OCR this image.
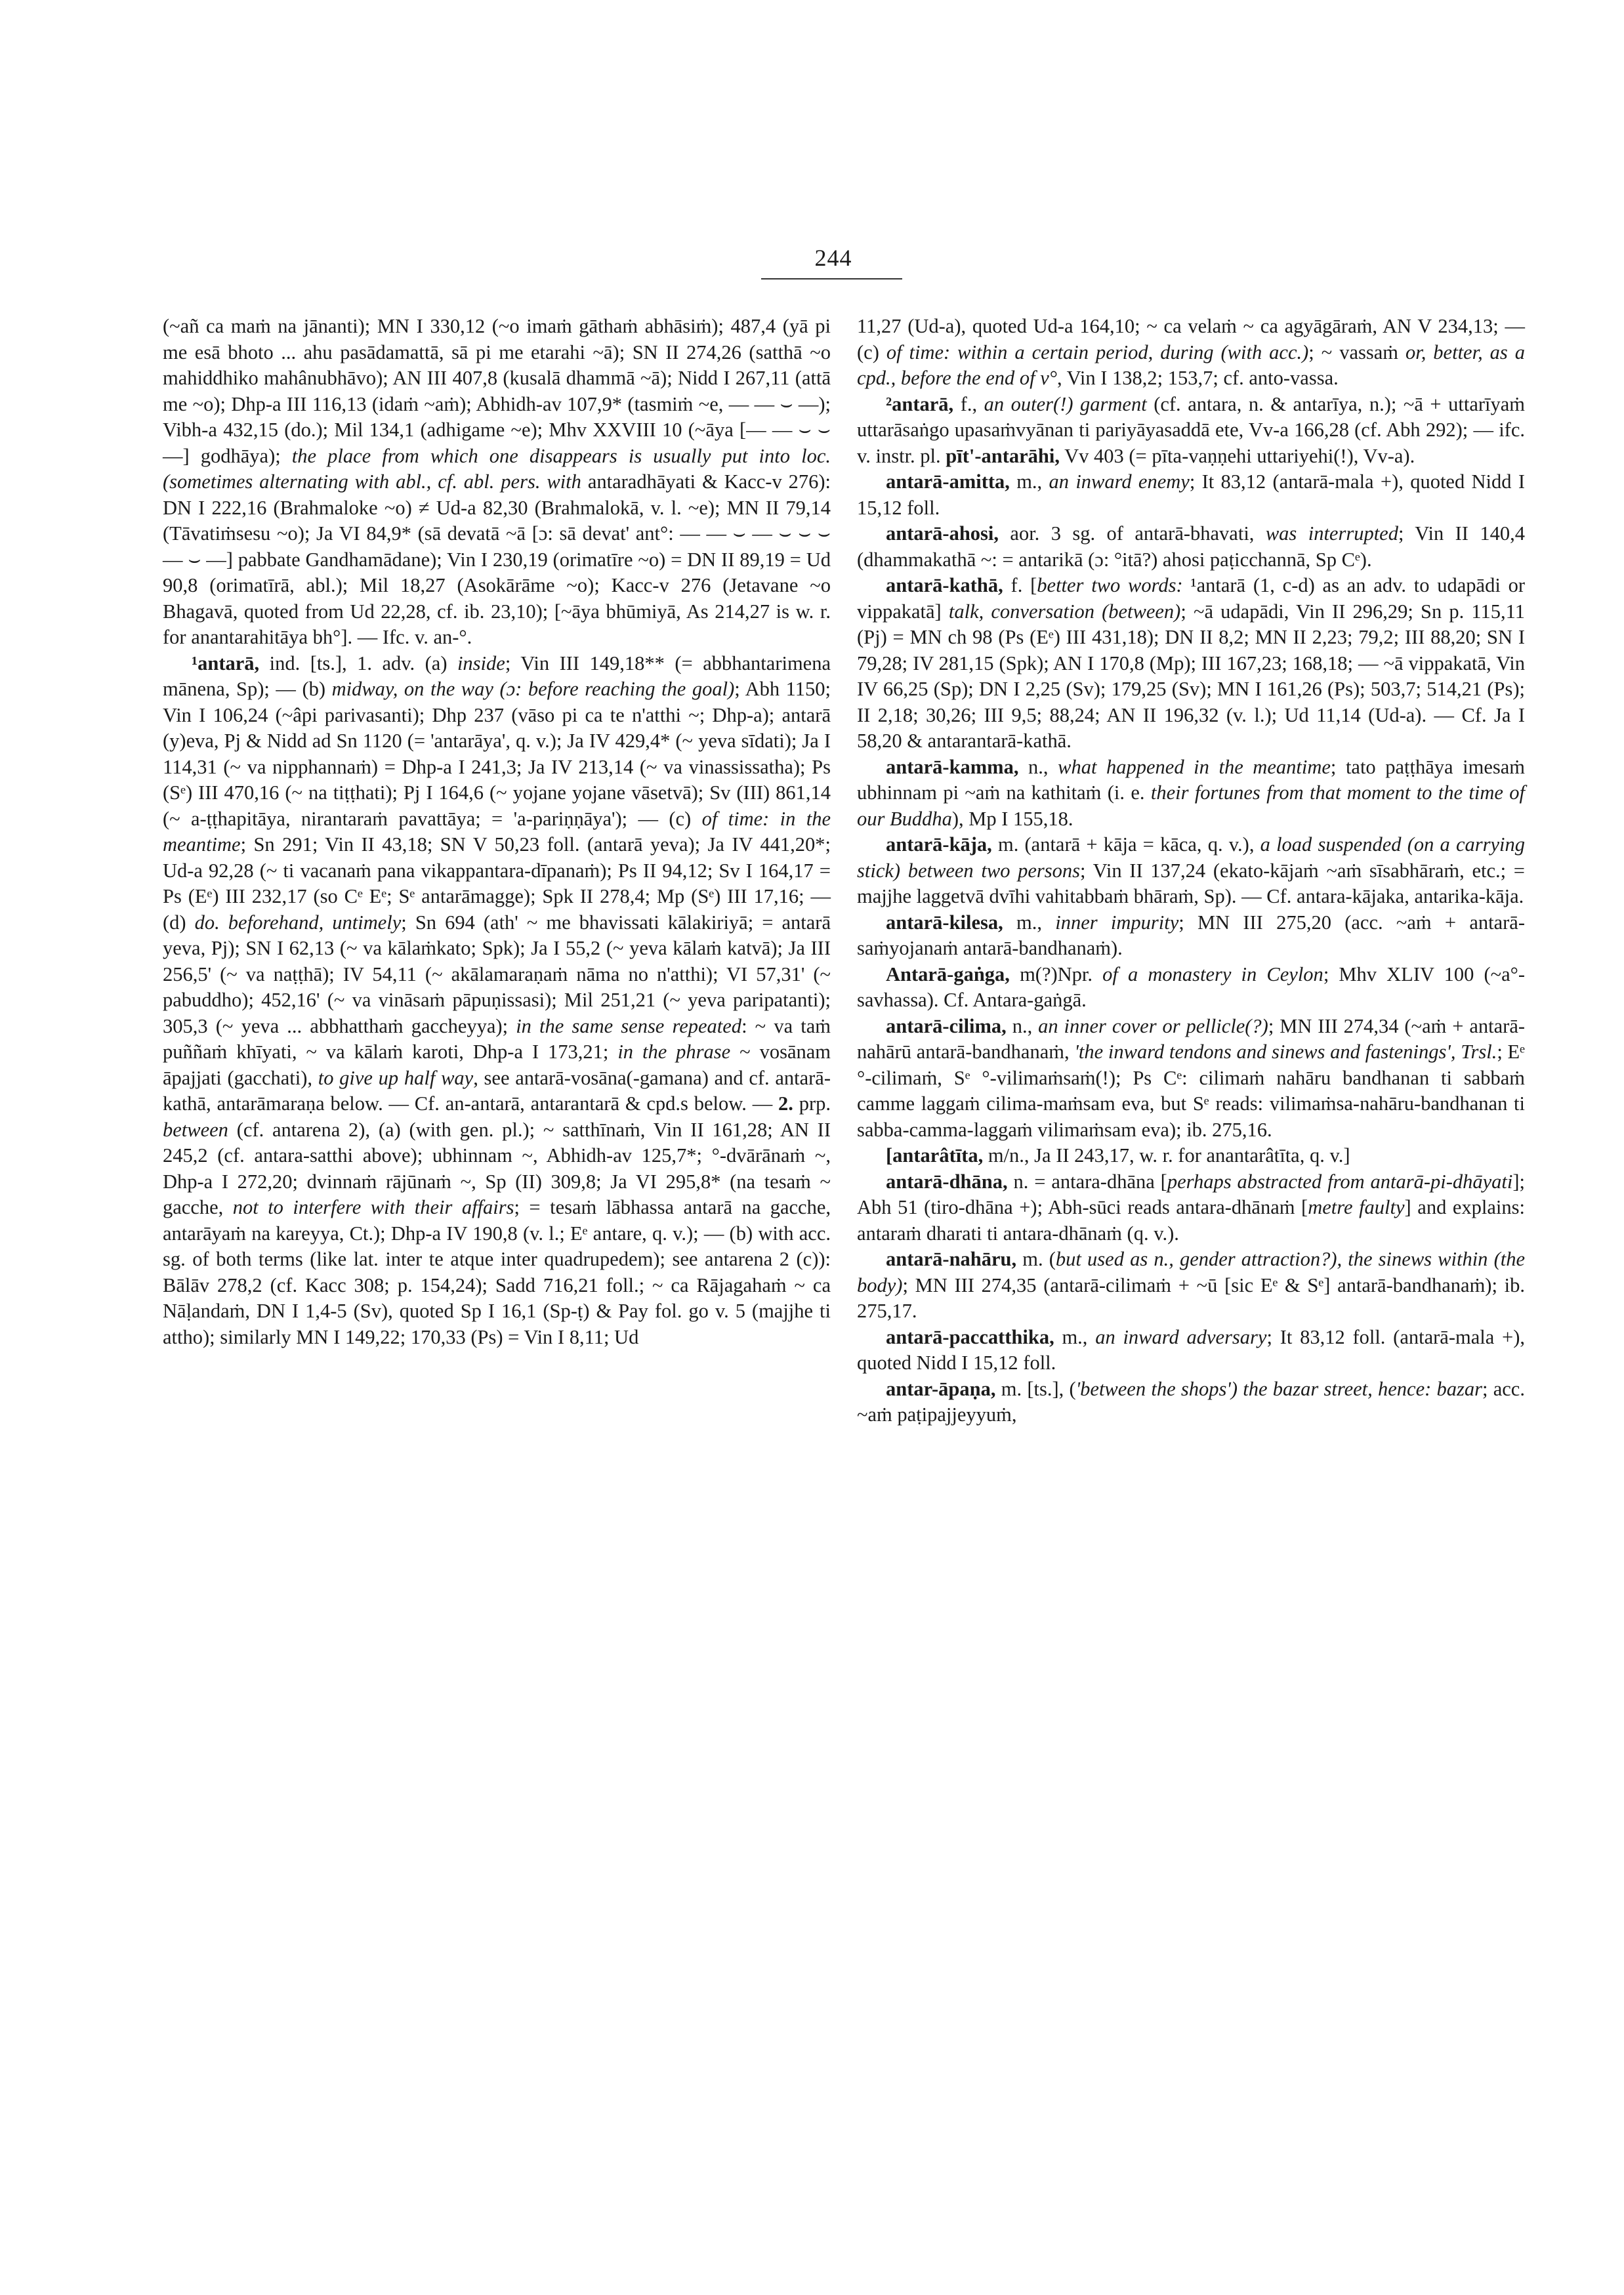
244

(~añ ca maṁ na jānanti); MN I 330,12 (~o imaṁ gāthaṁ abhāsiṁ); 487,4 (yā pi me esā bhoto ... ahu pasādamattā, sā pi me etarahi ~ā); SN II 274,26 (satthā ~o mahiddhiko mahânubhāvo); AN III 407,8 (kusalā dhammā ~ā); Nidd I 267,11 (attā me ~o); Dhp-a III 116,13 (idaṁ ~aṁ); Abhidh-av 107,9* (tasmiṁ ~e, — — ⌣ —); Vibh-a 432,15 (do.); Mil 134,1 (adhigame ~e); Mhv XXVIII 10 (~āya [— — ⌣ ⌣ —] godhāya); the place from which one disappears is usually put into loc. (sometimes alternating with abl., cf. abl. pers. with antaradhāyati & Kacc-v 276): DN I 222,16 (Brahmaloke ~o) ≠ Ud-a 82,30 (Brahmalokā, v. l. ~e); MN II 79,14 (Tāvatiṁsesu ~o); Ja VI 84,9* (sā devatā ~ā [ɔ: sā devat' ant°: — — ⌣ — ⌣ ⌣ ⌣ — ⌣ —] pabbate Gandhamādane); Vin I 230,19 (orimatīre ~o) = DN II 89,19 = Ud 90,8 (orimatīrā, abl.); Mil 18,27 (Asokārāme ~o); Kacc-v 276 (Jetavane ~o Bhagavā, quoted from Ud 22,28, cf. ib. 23,10); [~āya bhūmiyā, As 214,27 is w. r. for anantarahitāya bh°]. — Ifc. v. an-°.

¹antarā, ind. [ts.], 1. adv. (a) inside; Vin III 149,18** (= abbhantarimena mānena, Sp); — (b) midway, on the way (ɔ: before reaching the goal); Abh 1150; Vin I 106,24 (~âpi parivasanti); Dhp 237 (vāso pi ca te n'atthi ~; Dhp-a); antarā (y)eva, Pj & Nidd ad Sn 1120 (= 'antarāya', q. v.); Ja IV 429,4* (~ yeva sīdati); Ja I 114,31 (~ va nipphannaṁ) = Dhp-a I 241,3; Ja IV 213,14 (~ va vinassissatha); Ps (Sᵉ) III 470,16 (~ na tiṭṭhati); Pj I 164,6 (~ yojane yojane vāsetvā); Sv (III) 861,14 (~ a-ṭṭhapitāya, nirantaraṁ pavattāya; = 'a-pariṇṇāya'); — (c) of time: in the meantime; Sn 291; Vin II 43,18; SN V 50,23 foll. (antarā yeva); Ja IV 441,20*; Ud-a 92,28 (~ ti vacanaṁ pana vikappantara-dīpanaṁ); Ps II 94,12; Sv I 164,17 = Ps (Eᵉ) III 232,17 (so Cᵉ Eᵉ; Sᵉ antarāmagge); Spk II 278,4; Mp (Sᵉ) III 17,16; — (d) do. beforehand, untimely; Sn 694 (ath' ~ me bhavissati kālakiriyā; = antarā yeva, Pj); SN I 62,13 (~ va kālaṁkato; Spk); Ja I 55,2 (~ yeva kālaṁ katvā); Ja III 256,5' (~ va naṭṭhā); IV 54,11 (~ akālamaraṇaṁ nāma no n'atthi); VI 57,31' (~ pabuddho); 452,16' (~ va vināsaṁ pāpuṇissasi); Mil 251,21 (~ yeva paripatanti); 305,3 (~ yeva ... abbhatthaṁ gaccheyya); in the same sense repeated: ~ va taṁ puññaṁ khīyati, ~ va kālaṁ karoti, Dhp-a I 173,21; in the phrase ~ vosānam āpajjati (gacchati), to give up half way, see antarā-vosāna(-gamana) and cf. antarā-kathā, antarāmaraṇa below. — Cf. an-antarā, antarantarā & cpd.s below. — 2. prp. between (cf. antarena 2), (a) (with gen. pl.); ~ satthīnaṁ, Vin II 161,28; AN II 245,2 (cf. antara-satthi above); ubhinnam ~, Abhidh-av 125,7*; °-dvārānaṁ ~, Dhp-a I 272,20; dvinnaṁ rājūnaṁ ~, Sp (II) 309,8; Ja VI 295,8* (na tesaṁ ~ gacche, not to interfere with their affairs; = tesaṁ lābhassa antarā na gacche, antarāyaṁ na kareyya, Ct.); Dhp-a IV 190,8 (v. l.; Eᵉ antare, q. v.); — (b) with acc. sg. of both terms (like lat. inter te atque inter quadrupedem); see antarena 2 (c)): Bālāv 278,2 (cf. Kacc 308; p. 154,24); Sadd 716,21 foll.; ~ ca Rājagahaṁ ~ ca Nāḷandaṁ, DN I 1,4-5 (Sv), quoted Sp I 16,1 (Sp-ṭ) & Pay fol. go v. 5 (majjhe ti attho); similarly MN I 149,22; 170,33 (Ps) = Vin I 8,11; Ud

11,27 (Ud-a), quoted Ud-a 164,10; ~ ca velaṁ ~ ca agyāgāraṁ, AN V 234,13; — (c) of time: within a certain period, during (with acc.); ~ vassaṁ or, better, as a cpd., before the end of v°, Vin I 138,2; 153,7; cf. anto-vassa.

²antarā, f., an outer(!) garment (cf. antara, n. & antarīya, n.); ~ā + uttarīyaṁ uttarāsaṅgo upasaṁvyānan ti pariyāyasaddā ete, Vv-a 166,28 (cf. Abh 292); — ifc. v. instr. pl. pīt'-antarāhi, Vv 403 (= pīta-vaṇṇehi uttariyehi(!), Vv-a).

antarā-amitta, m., an inward enemy; It 83,12 (antarā-mala +), quoted Nidd I 15,12 foll.

antarā-ahosi, aor. 3 sg. of antarā-bhavati, was interrupted; Vin II 140,4 (dhammakathā ~: = antarikā (ɔ: °itā?) ahosi paṭicchannā, Sp Cᵉ).

antarā-kathā, f. [better two words: ¹antarā (1, c-d) as an adv. to udapādi or vippakatā] talk, conversation (between); ~ā udapādi, Vin II 296,29; Sn p. 115,11 (Pj) = MN ch 98 (Ps (Eᵉ) III 431,18); DN II 8,2; MN II 2,23; 79,2; III 88,20; SN I 79,28; IV 281,15 (Spk); AN I 170,8 (Mp); III 167,23; 168,18; — ~ā vippakatā, Vin IV 66,25 (Sp); DN I 2,25 (Sv); 179,25 (Sv); MN I 161,26 (Ps); 503,7; 514,21 (Ps); II 2,18; 30,26; III 9,5; 88,24; AN II 196,32 (v. l.); Ud 11,14 (Ud-a). — Cf. Ja I 58,20 & antarantarā-kathā.

antarā-kamma, n., what happened in the meantime; tato paṭṭhāya imesaṁ ubhinnam pi ~aṁ na kathitaṁ (i. e. their fortunes from that moment to the time of our Buddha), Mp I 155,18.

antarā-kāja, m. (antarā + kāja = kāca, q. v.), a load suspended (on a carrying stick) between two persons; Vin II 137,24 (ekato-kājaṁ ~aṁ sīsabhāraṁ, etc.; = majjhe laggetvā dvīhi vahitabbaṁ bhāraṁ, Sp). — Cf. antara-kājaka, antarika-kāja.

antarā-kilesa, m., inner impurity; MN III 275,20 (acc. ~aṁ + antarā-saṁyojanaṁ antarā-bandhanaṁ).

Antarā-gaṅga, m(?)Npr. of a monastery in Ceylon; Mhv XLIV 100 (~a°-savhassa). Cf. Antara-gaṅgā.

antarā-cilima, n., an inner cover or pellicle(?); MN III 274,34 (~aṁ + antarā-nahārū antarā-bandhanaṁ, 'the inward tendons and sinews and fastenings', Trsl.; Eᵉ °-cilimaṁ, Sᵉ °-vilimaṁsaṁ(!); Ps Cᵉ: cilimaṁ nahāru bandhanan ti sabbaṁ camme laggaṁ cilima-maṁsam eva, but Sᵉ reads: vilimaṁsa-nahāru-bandhanan ti sabba-camma-laggaṁ vilimaṁsam eva); ib. 275,16.

[antarâtīta, m/n., Ja II 243,17, w. r. for anantarâtīta, q. v.]

antarā-dhāna, n. = antara-dhāna [perhaps abstracted from antarā-pi-dhāyati]; Abh 51 (tiro-dhāna +); Abh-sūci reads antara-dhānaṁ [metre faulty] and explains: antaraṁ dharati ti antara-dhānaṁ (q. v.).

antarā-nahāru, m. (but used as n., gender attraction?), the sinews within (the body); MN III 274,35 (antarā-cilimaṁ + ~ū [sic Eᵉ & Sᵉ] antarā-bandhanaṁ); ib. 275,17.

antarā-paccatthika, m., an inward adversary; It 83,12 foll. (antarā-mala +), quoted Nidd I 15,12 foll.

antar-āpaṇa, m. [ts.], ('between the shops') the bazar street, hence: bazar; acc. ~aṁ paṭipajjeyyuṁ,
